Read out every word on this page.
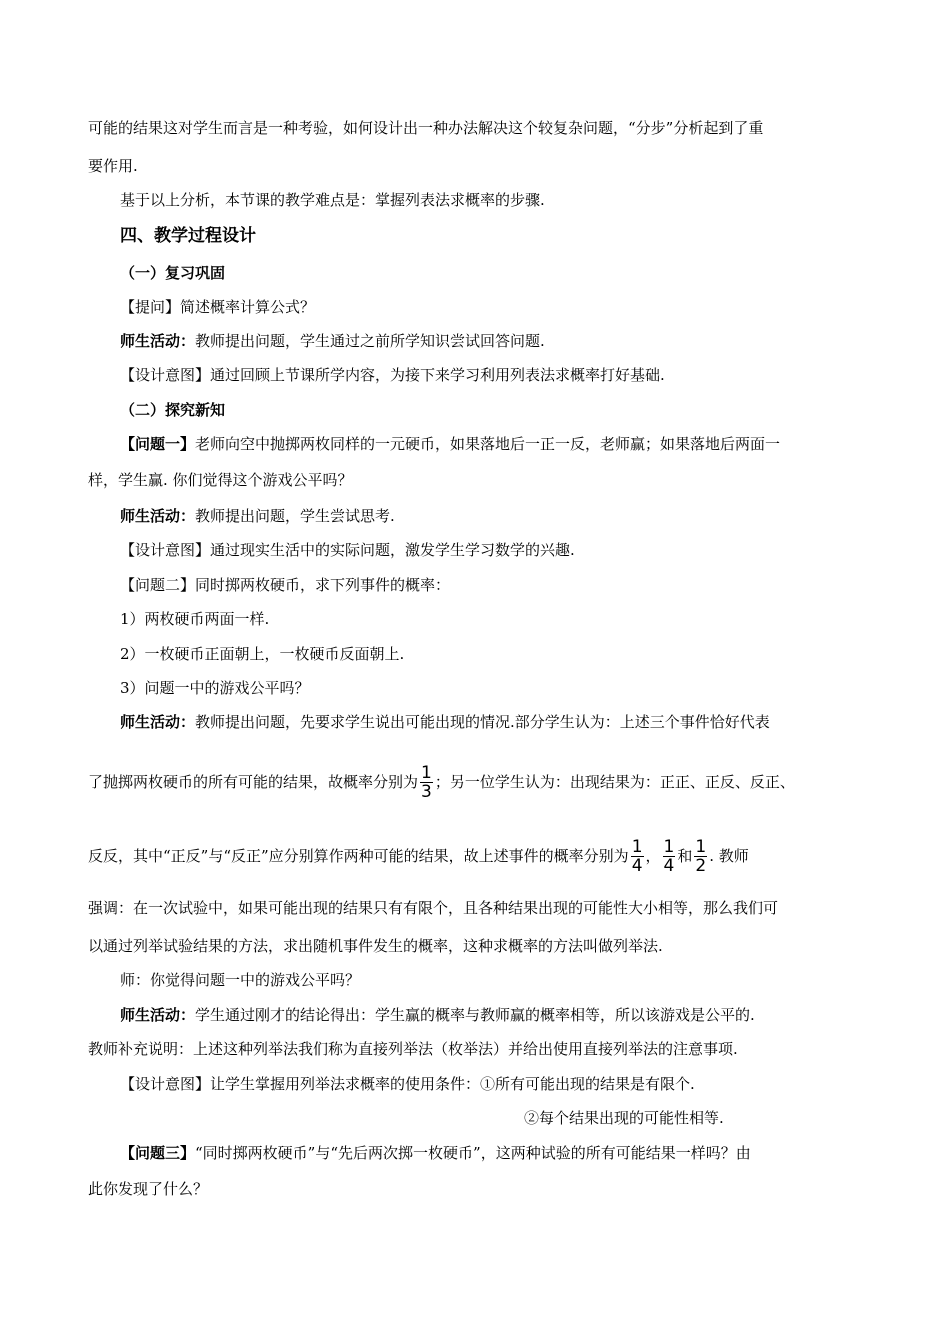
可能的结果这对学生而言是一种考验，如何设计出一种办法解决这个较复杂问题，“分步”分析起到了重
要作用.
基于以上分析，本节课的教学难点是：掌握列表法求概率的步骤.
四、教学过程设计
（一）复习巩固
【提问】简述概率计算公式？
师生活动：教师提出问题，学生通过之前所学知识尝试回答问题.
【设计意图】通过回顾上节课所学内容，为接下来学习利用列表法求概率打好基础.
（二）探究新知
【问题一】老师向空中抛掷两枚同样的一元硬币，如果落地后一正一反，老师赢；如果落地后两面一
样，学生赢. 你们觉得这个游戏公平吗？
师生活动：教师提出问题，学生尝试思考.
【设计意图】通过现实生活中的实际问题，激发学生学习数学的兴趣.
【问题二】同时掷两枚硬币，求下列事件的概率：
1）两枚硬币两面一样.
2）一枚硬币正面朝上，一枚硬币反面朝上.
3）问题一中的游戏公平吗？
师生活动：教师提出问题，先要求学生说出可能出现的情况.部分学生认为：上述三个事件恰好代表
了抛掷两枚硬币的所有可能的结果，故概率分别为 $\frac{1}{3}$ ；另一位学生认为：出现结果为：正正、正反、反正、
反反，其中“正反”与“反正”应分别算作两种可能的结果，故上述事件的概率分别为 $\frac{1}{4}$ ， $\frac{1}{4}$ 和 $\frac{1}{2}$ . 教师
强调：在一次试验中，如果可能出现的结果只有有限个，且各种结果出现的可能性大小相等，那么我们可
以通过列举试验结果的方法，求出随机事件发生的概率，这种求概率的方法叫做列举法.
师：你觉得问题一中的游戏公平吗？
师生活动：学生通过刚才的结论得出：学生赢的概率与教师赢的概率相等，所以该游戏是公平的.
教师补充说明：上述这种列举法我们称为直接列举法（枚举法）并给出使用直接列举法的注意事项.
【设计意图】让学生掌握用列举法求概率的使用条件：①所有可能出现的结果是有限个.
②每个结果出现的可能性相等.
【问题三】“同时掷两枚硬币”与“先后两次掷一枚硬币”，这两种试验的所有可能结果一样吗？由
此你发现了什么？
